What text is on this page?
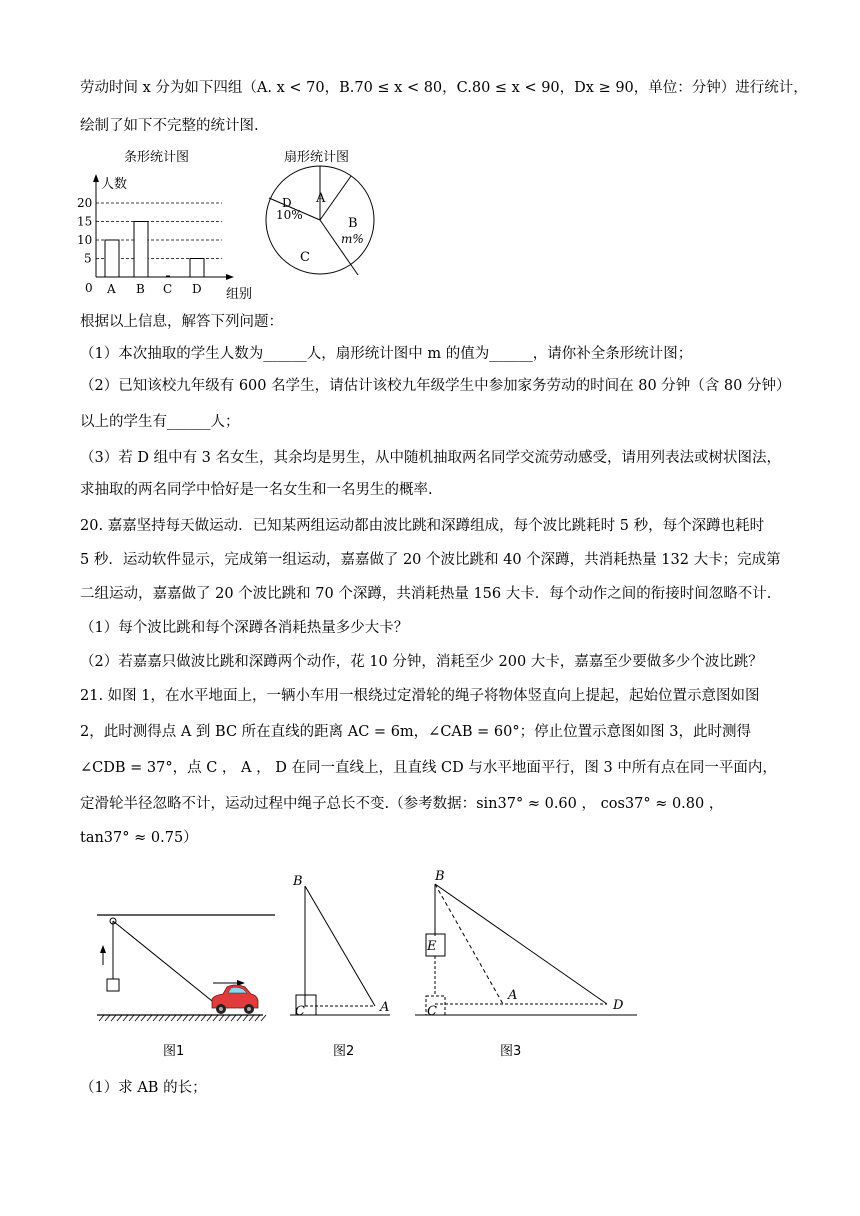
劳动时间 x 分为如下四组（A. x < 70，B.70 ≤ x < 80，C.80 ≤ x < 90，Dx ≥ 90，单位：分钟）进行统计，
绘制了如下不完整的统计图.
条形统计图	扇形统计图
人数
组别
0
5
10
15
20
A B C D
A
B
m%
C
D
10%
根据以上信息，解答下列问题：
（1）本次抽取的学生人数为______人，扇形统计图中 m 的值为______，请你补全条形统计图；
（2）已知该校九年级有 600 名学生，请估计该校九年级学生中参加家务劳动的时间在 80 分钟（含 80 分钟）
以上的学生有______人；
（3）若 D 组中有 3 名女生，其余均是男生，从中随机抽取两名同学交流劳动感受，请用列表法或树状图法，
求抽取的两名同学中恰好是一名女生和一名男生的概率.
20. 嘉嘉坚持每天做运动．已知某两组运动都由波比跳和深蹲组成，每个波比跳耗时 5 秒，每个深蹲也耗时
5 秒．运动软件显示，完成第一组运动，嘉嘉做了 20 个波比跳和 40 个深蹲，共消耗热量 132 大卡；完成第
二组运动，嘉嘉做了 20 个波比跳和 70 个深蹲，共消耗热量 156 大卡．每个动作之间的衔接时间忽略不计.
（1）每个波比跳和每个深蹲各消耗热量多少大卡？
（2）若嘉嘉只做波比跳和深蹲两个动作，花 10 分钟，消耗至少 200 大卡，嘉嘉至少要做多少个波比跳？
21. 如图 1，在水平地面上，一辆小车用一根绕过定滑轮的绳子将物体竖直向上提起，起始位置示意图如图
2，此时测得点 A 到 BC 所在直线的距离 AC = 6m，∠CAB = 60°；停止位置示意图如图 3，此时测得
∠CDB = 37°，点 C ， A ， D 在同一直线上，且直线 CD 与水平地面平行，图 3 中所有点在同一平面内，
定滑轮半径忽略不计，运动过程中绳子总长不变.（参考数据：sin37° ≈ 0.60 ， cos37° ≈ 0.80 ，
tan37° ≈ 0.75）
图1
B
C	A
图2
B
E
A
C	D
图3
（1）求 AB 的长；
